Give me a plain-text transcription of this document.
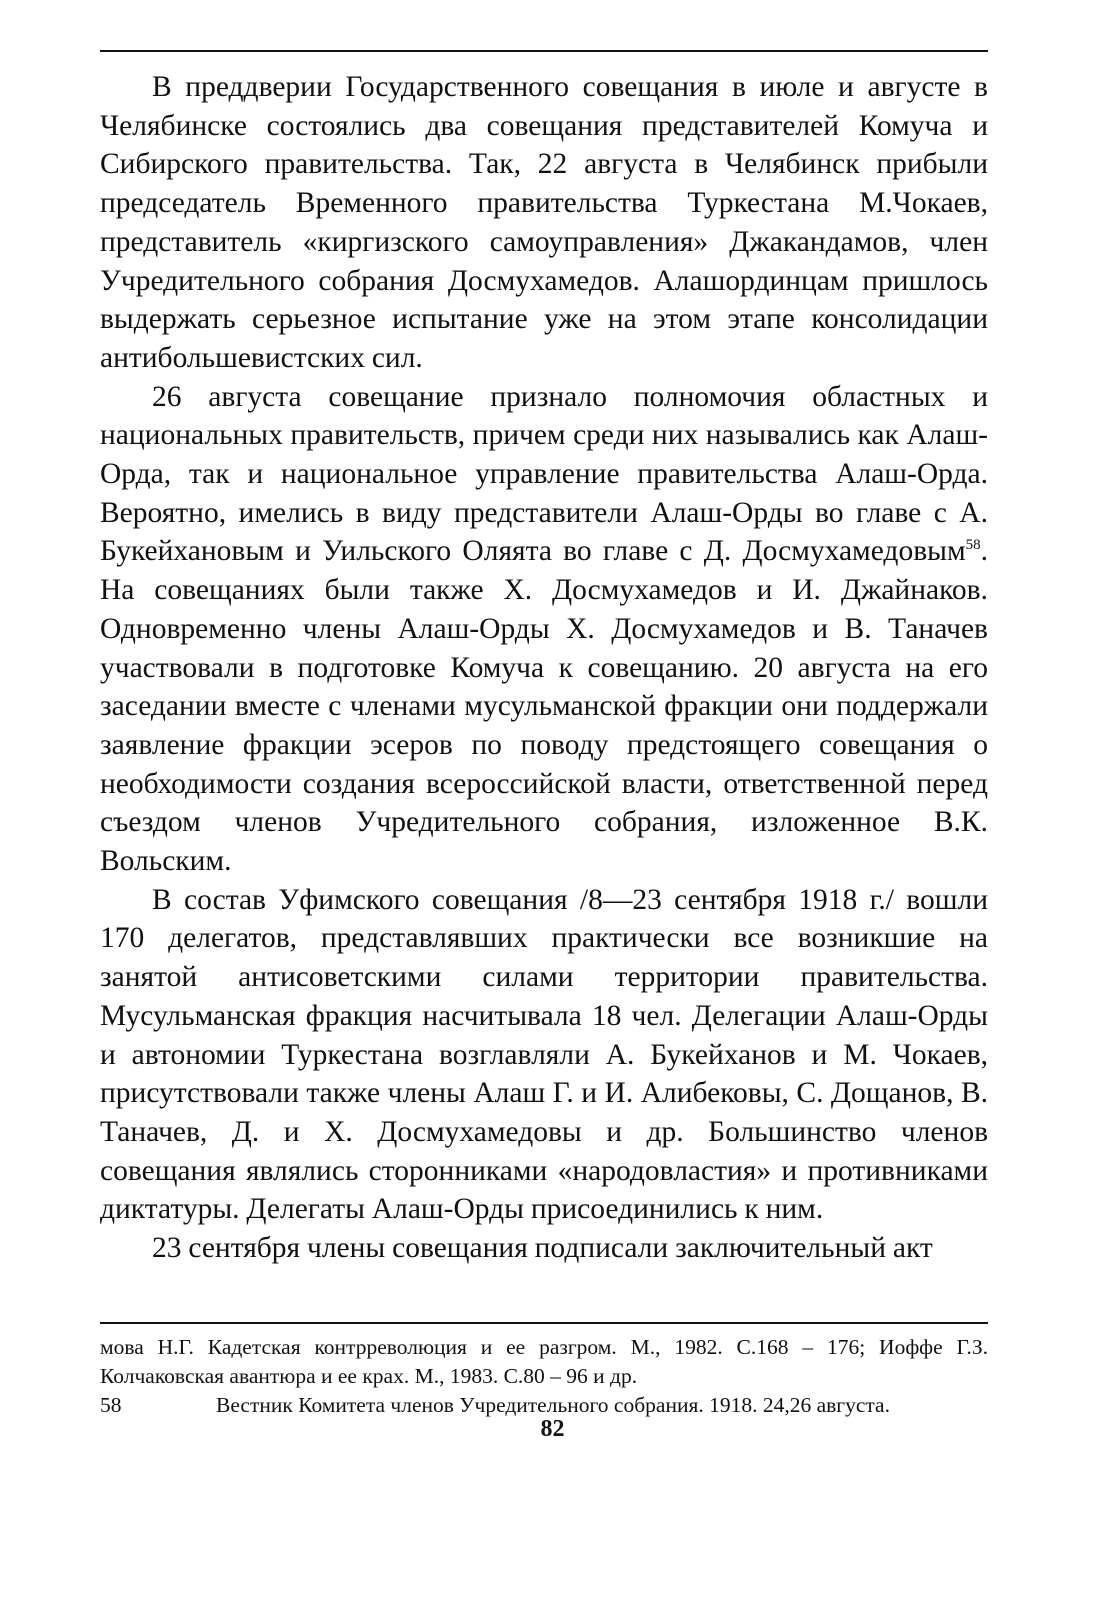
В преддверии Государственного совещания в июле и августе в Челябинске состоялись два совещания представителей Комуча и Сибирского правительства. Так, 22 августа в Челябинск прибыли председатель Временного правительства Туркестана М.Чокаев, представитель «киргизского самоуправления» Джакандамов, член Учредительного собрания Досмухамедов. Алашординцам пришлось выдержать серьезное испытание уже на этом этапе консолидации антибольшевистских сил.

26 августа совещание признало полномочия областных и национальных правительств, причем среди них назывались как Алаш-Орда, так и национальное управление правительства Алаш-Орда. Вероятно, имелись в виду представители Алаш-Орды во главе с А. Букейхановым и Уильского Оляята во главе с Д. Досмухамедовым$^{58}$. На совещаниях были также Х. Досмухамедов и И. Джайнаков. Одновременно члены Алаш-Орды Х. Досмухамедов и В. Таначев участвовали в подготовке Комуча к совещанию. 20 августа на его заседании вместе с членами мусульманской фракции они поддержали заявление фракции эсеров по поводу предстоящего совещания о необходимости создания всероссийской власти, ответственной перед съездом членов Учредительного собрания, изложенное В.К. Вольским.

В состав Уфимского совещания /8—23 сентября 1918 г./ вошли 170 делегатов, представлявших практически все возникшие на занятой антисоветскими силами территории правительства. Мусульманская фракция насчитывала 18 чел. Делегации Алаш-Орды и автономии Туркестана возглавляли А. Букейханов и М. Чокаев, присутствовали также члены Алаш Г. и И. Алибековы, С. Дощанов, В. Таначев, Д. и Х. Досмухамедовы и др. Большинство членов совещания являлись сторонниками «народовластия» и противниками диктатуры. Делегаты Алаш-Орды присоединились к ним.

23 сентября члены совещания подписали заключительный акт

мова Н.Г. Кадетская контрреволюция и ее разгром. М., 1982. С.168 – 176; Иоффе Г.З. Колчаковская авантюра и ее крах. М., 1983. С.80 – 96 и др.

58	Вестник Комитета членов Учредительного собрания. 1918. 24,26 августа.

82
